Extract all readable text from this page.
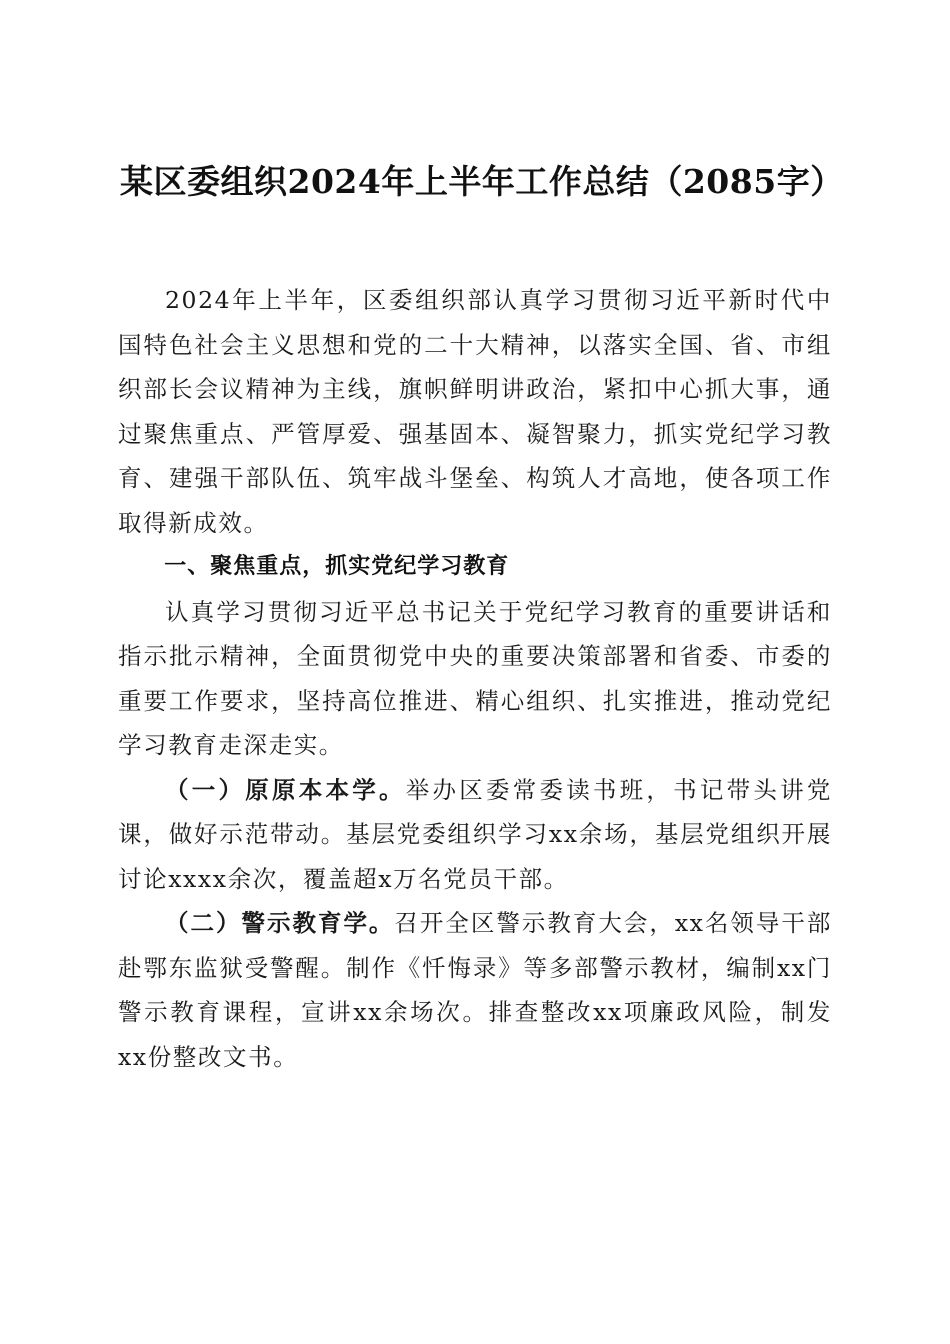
某区委组织2024年上半年工作总结（2085字）

2024年上半年，区委组织部认真学习贯彻习近平新时代中国特色社会主义思想和党的二十大精神，以落实全国、省、市组织部长会议精神为主线，旗帜鲜明讲政治，紧扣中心抓大事，通过聚焦重点、严管厚爱、强基固本、凝智聚力，抓实党纪学习教育、建强干部队伍、筑牢战斗堡垒、构筑人才高地，使各项工作取得新成效。

一、聚焦重点，抓实党纪学习教育

认真学习贯彻习近平总书记关于党纪学习教育的重要讲话和指示批示精神，全面贯彻党中央的重要决策部署和省委、市委的重要工作要求，坚持高位推进、精心组织、扎实推进，推动党纪学习教育走深走实。

（一）原原本本学。举办区委常委读书班，书记带头讲党课，做好示范带动。基层党委组织学习xx余场，基层党组织开展讨论xxxx余次，覆盖超x万名党员干部。

（二）警示教育学。召开全区警示教育大会，xx名领导干部赴鄂东监狱受警醒。制作《忏悔录》等多部警示教材，编制xx门警示教育课程，宣讲xx余场次。排查整改xx项廉政风险，制发xx份整改文书。
